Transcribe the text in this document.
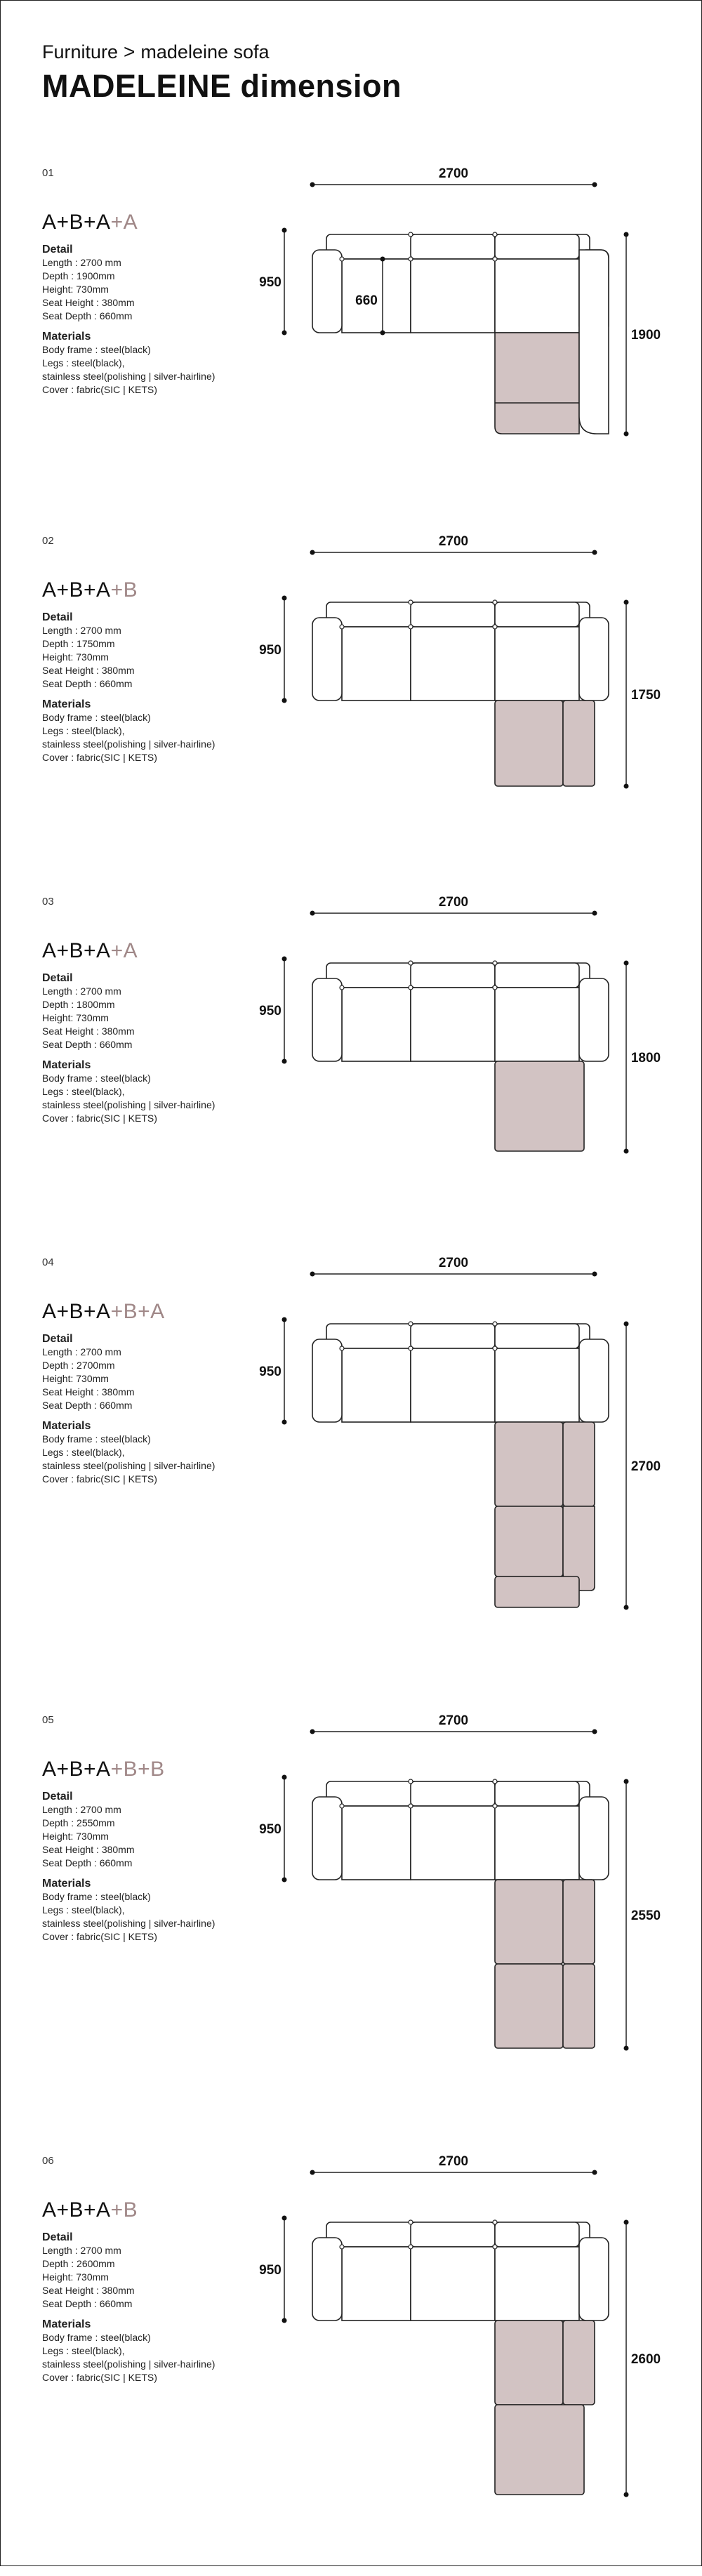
Furniture > madeleine sofa
MADELEINE dimension
01
A+B+A+A

Detail

Length : 2700 mm
Depth : 1900mm
Height: 730mm
Seat Height : 380mm
Seat Depth : 660mm

Materials

Body frame : steel(black)
Legs : steel(black),
stainless steel(polishing | silver-hairline)
Cover : fabric(SIC | KETS)
2700
950
660
1900
02
A+B+A+B

Detail

Length : 2700 mm
Depth : 1750mm
Height: 730mm
Seat Height : 380mm
Seat Depth : 660mm

Materials

Body frame : steel(black)
Legs : steel(black),
stainless steel(polishing | silver-hairline)
Cover : fabric(SIC | KETS)
2700
950
1750
03
A+B+A+A

Detail

Length : 2700 mm
Depth : 1800mm
Height: 730mm
Seat Height : 380mm
Seat Depth : 660mm

Materials

Body frame : steel(black)
Legs : steel(black),
stainless steel(polishing | silver-hairline)
Cover : fabric(SIC | KETS)
2700
950
1800
04
A+B+A+B+A

Detail

Length : 2700 mm
Depth : 2700mm
Height: 730mm
Seat Height : 380mm
Seat Depth : 660mm

Materials

Body frame : steel(black)
Legs : steel(black),
stainless steel(polishing | silver-hairline)
Cover : fabric(SIC | KETS)
2700
950
2700
05
A+B+A+B+B

Detail

Length : 2700 mm
Depth : 2550mm
Height: 730mm
Seat Height : 380mm
Seat Depth : 660mm

Materials

Body frame : steel(black)
Legs : steel(black),
stainless steel(polishing | silver-hairline)
Cover : fabric(SIC | KETS)
2700
950
2550
06
A+B+A+B

Detail

Length : 2700 mm
Depth : 2600mm
Height: 730mm
Seat Height : 380mm
Seat Depth : 660mm

Materials

Body frame : steel(black)
Legs : steel(black),
stainless steel(polishing | silver-hairline)
Cover : fabric(SIC | KETS)
2700
950
2600
